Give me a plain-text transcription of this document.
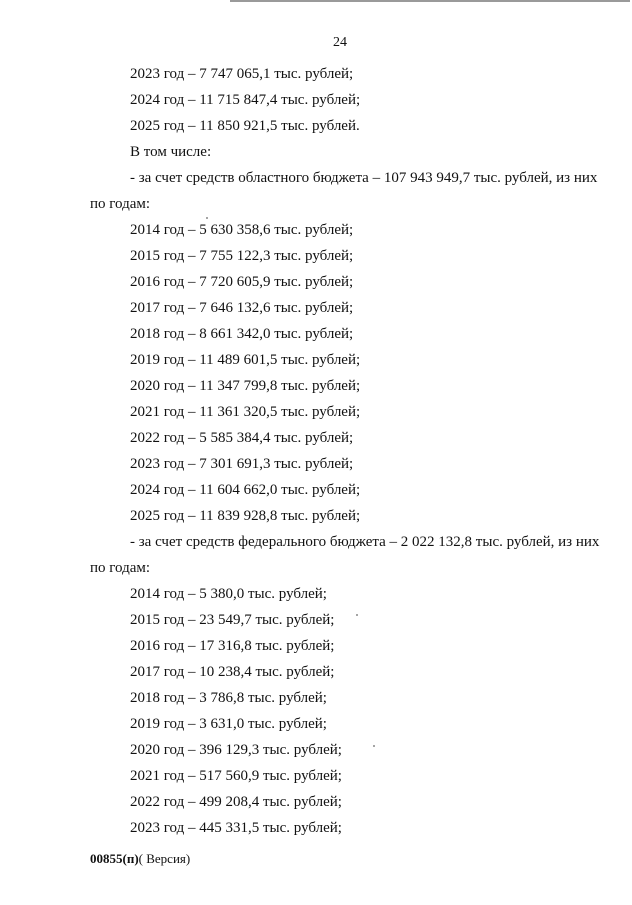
24
2023 год – 7 747 065,1 тыс. рублей;
2024 год – 11 715 847,4 тыс. рублей;
2025 год – 11 850 921,5 тыс. рублей.
В том числе:
- за счет средств областного бюджета – 107 943 949,7 тыс. рублей, из них
по годам:
2014 год – 5 630 358,6 тыс. рублей;
2015 год – 7 755 122,3 тыс. рублей;
2016 год – 7 720 605,9 тыс. рублей;
2017 год – 7 646 132,6 тыс. рублей;
2018 год – 8 661 342,0 тыс. рублей;
2019 год – 11 489 601,5 тыс. рублей;
2020 год – 11 347 799,8 тыс. рублей;
2021 год – 11 361 320,5 тыс. рублей;
2022 год – 5 585 384,4 тыс. рублей;
2023 год – 7 301 691,3 тыс. рублей;
2024 год – 11 604 662,0 тыс. рублей;
2025 год – 11 839 928,8 тыс. рублей;
- за счет средств федерального бюджета – 2 022 132,8 тыс. рублей, из них
по годам:
2014 год – 5 380,0 тыс. рублей;
2015 год – 23 549,7 тыс. рублей;
2016 год – 17 316,8 тыс. рублей;
2017 год – 10 238,4 тыс. рублей;
2018 год – 3 786,8 тыс. рублей;
2019 год – 3 631,0 тыс. рублей;
2020 год – 396 129,3 тыс. рублей;
2021 год – 517 560,9 тыс. рублей;
2022 год – 499 208,4 тыс. рублей;
2023 год – 445 331,5 тыс. рублей;
00855(п)( Версия)
